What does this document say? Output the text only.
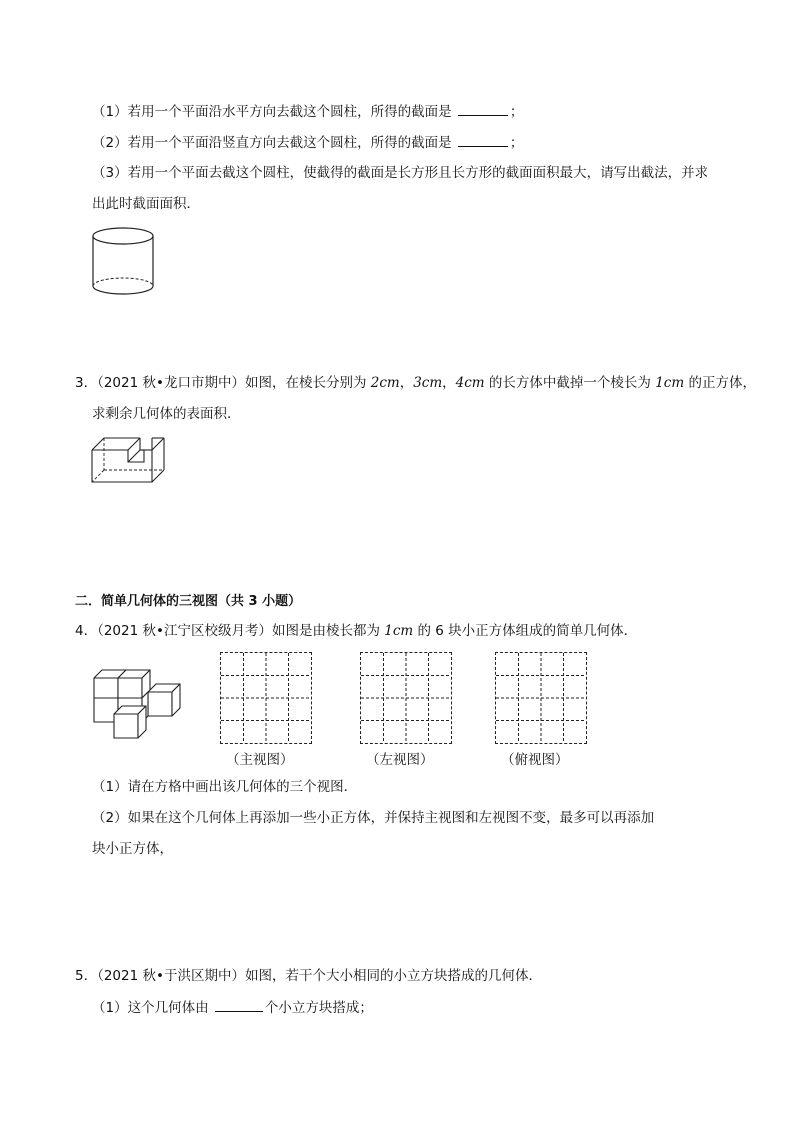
（1）若用一个平面沿水平方向去截这个圆柱，所得的截面是	；
（2）若用一个平面沿竖直方向去截这个圆柱，所得的截面是	；
（3）若用一个平面去截这个圆柱，使截得的截面是长方形且长方形的截面面积最大，请写出截法，并求
出此时截面面积．
3．（2021 秋•龙口市期中）如图，在棱长分别为 2cm，3cm，4cm 的长方体中截掉一个棱长为 1cm 的正方体，
求剩余几何体的表面积．
二．简单几何体的三视图（共 3 小题）
4．（2021 秋•江宁区校级月考）如图是由棱长都为 1cm 的 6 块小正方体组成的简单几何体．
（主视图）	（左视图）	（俯视图）
（1）请在方格中画出该几何体的三个视图．
（2）如果在这个几何体上再添加一些小正方体，并保持主视图和左视图不变，最多可以再添加
块小正方体，
5．（2021 秋•于洪区期中）如图，若干个大小相同的小立方块搭成的几何体．
（1）这个几何体由	个小立方块搭成；
